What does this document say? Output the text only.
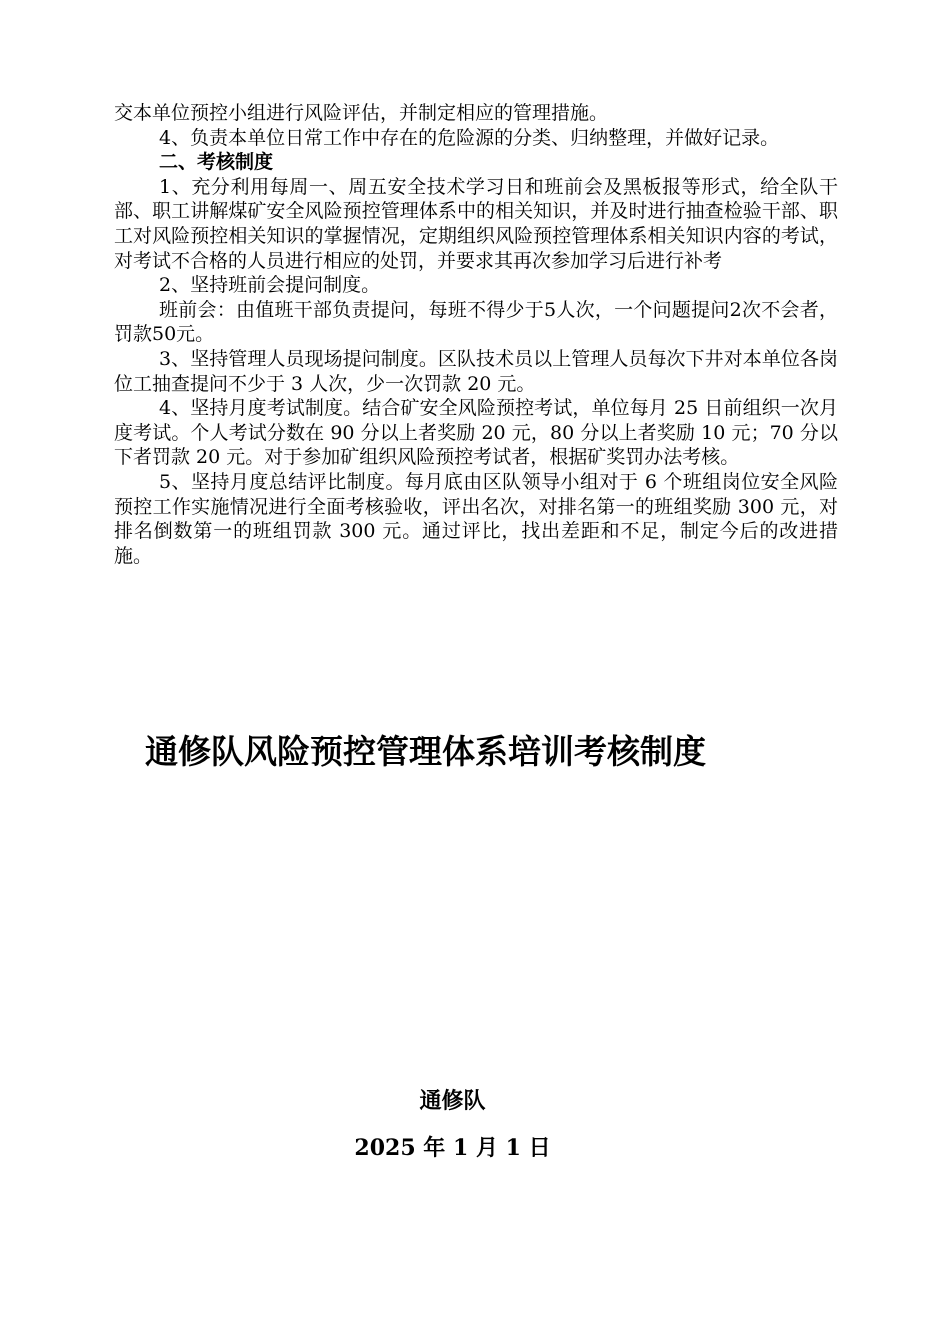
交本单位预控小组进行风险评估，并制定相应的管理措施。

4、负责本单位日常工作中存在的危险源的分类、归纳整理，并做好记录。

二、考核制度

1、充分利用每周一、周五安全技术学习日和班前会及黑板报等形式，给全队干部、职工讲解煤矿安全风险预控管理体系中的相关知识，并及时进行抽查检验干部、职工对风险预控相关知识的掌握情况，定期组织风险预控管理体系相关知识内容的考试，对考试不合格的人员进行相应的处罚，并要求其再次参加学习后进行补考

2、坚持班前会提问制度。

班前会：由值班干部负责提问，每班不得少于5人次，一个问题提问2次不会者，罚款50元。

3、坚持管理人员现场提问制度。区队技术员以上管理人员每次下井对本单位各岗位工抽查提问不少于 3 人次，少一次罚款 20 元。

4、坚持月度考试制度。结合矿安全风险预控考试，单位每月 25 日前组织一次月度考试。个人考试分数在 90 分以上者奖励 20 元，80 分以上者奖励 10 元；70 分以下者罚款 20 元。对于参加矿组织风险预控考试者，根据矿奖罚办法考核。

5、坚持月度总结评比制度。每月底由区队领导小组对于 6 个班组岗位安全风险预控工作实施情况进行全面考核验收，评出名次，对排名第一的班组奖励 300 元，对排名倒数第一的班组罚款 300 元。通过评比，找出差距和不足，制定今后的改进措施。

通修队风险预控管理体系培训考核制度
通修队
2025 年 1 月 1 日
